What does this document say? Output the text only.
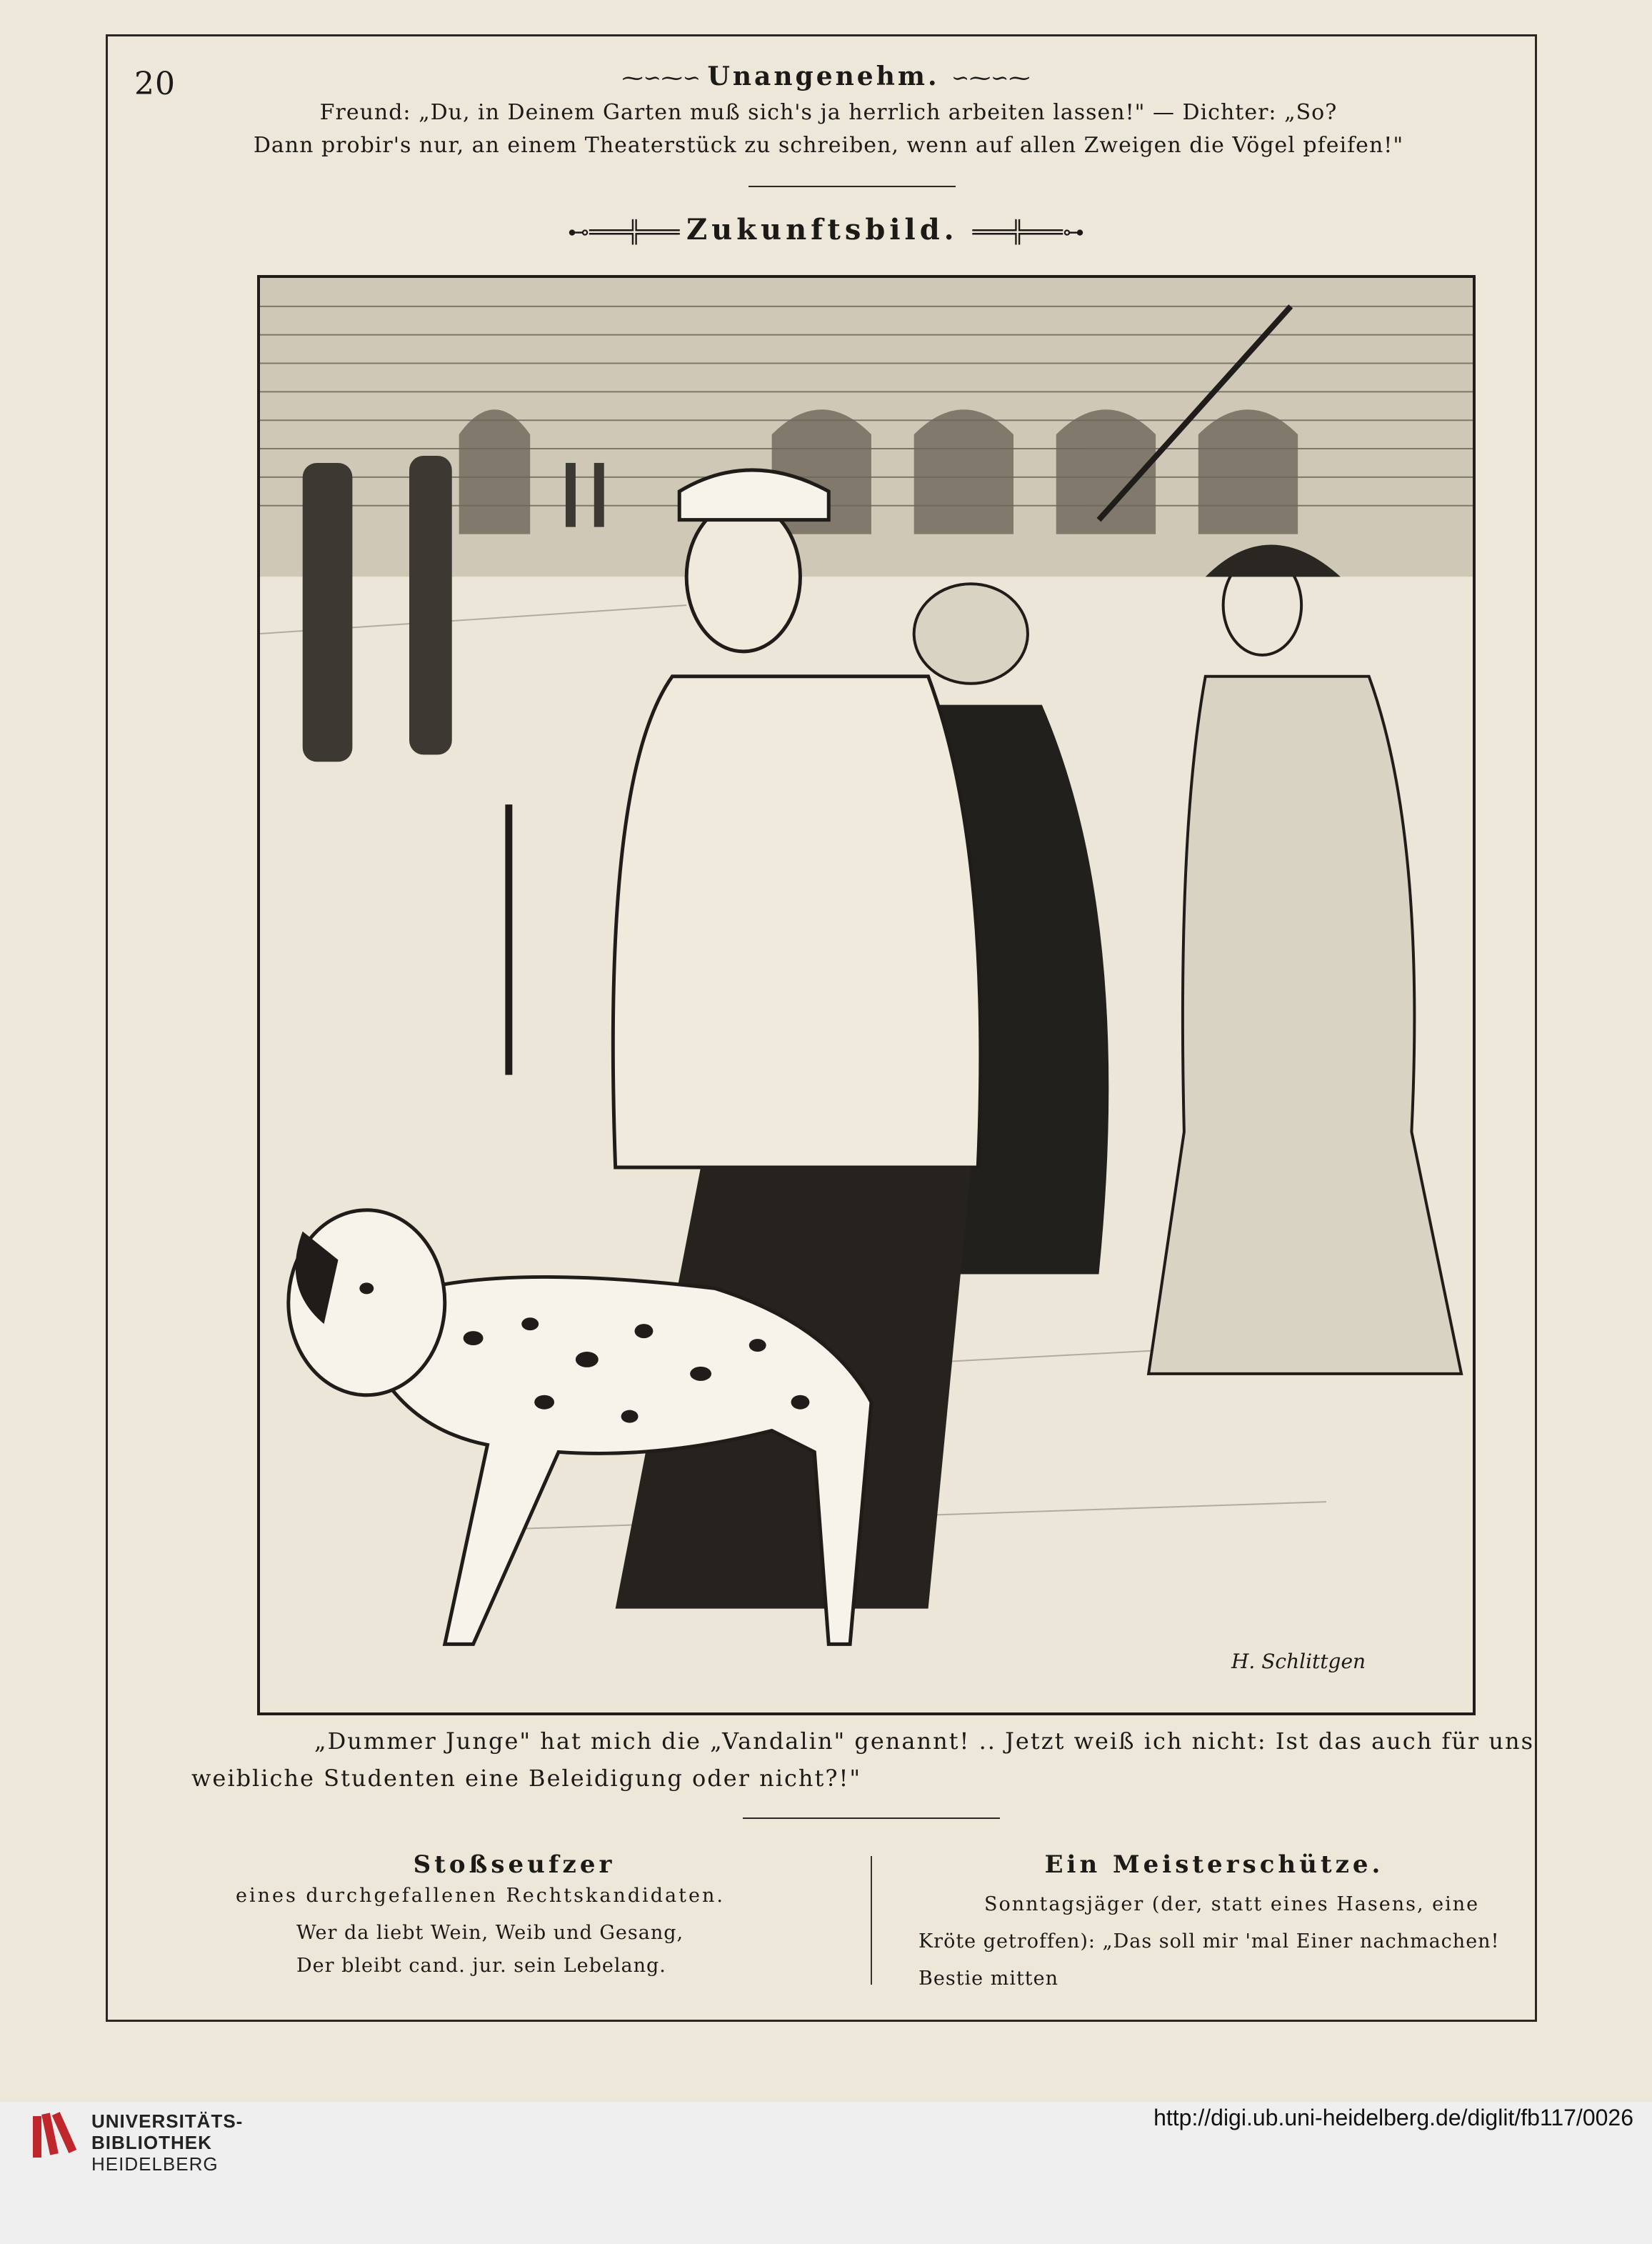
20	⁓∽⁓∽ Unangenehm. ∽⁓∽⁓
Freund: „Du, in Deinem Garten muß sich's ja herrlich arbeiten lassen!" — Dichter: „So?
Dann probir's nur, an einem Theaterstück zu schreiben, wenn auf allen Zweigen die Vögel pfeifen!"
⊷═══╬═══ Zukunftsbild. ═══╬═══⊶
H. Schlittgen
„Dummer Junge" hat mich die „Vandalin" genannt! .. Jetzt weiß ich nicht: Ist das auch für uns
weibliche Studenten eine Beleidigung oder nicht?!"
Stoßseufzer
eines durchgefallenen Rechtskandidaten.
Wer da liebt Wein, Weib und Gesang,
Der bleibt cand. jur. sein Lebelang.
Ein Meisterschütze.
Sonntagsjäger (der, statt eines Hasens, eine
Kröte getroffen): „Das soll mir 'mal Einer nachmachen!
Bestie mitten
UNIVERSITÄTS-
BIBLIOTHEK
HEIDELBERG
http://digi.ub.uni-heidelberg.de/diglit/fb117/0026
